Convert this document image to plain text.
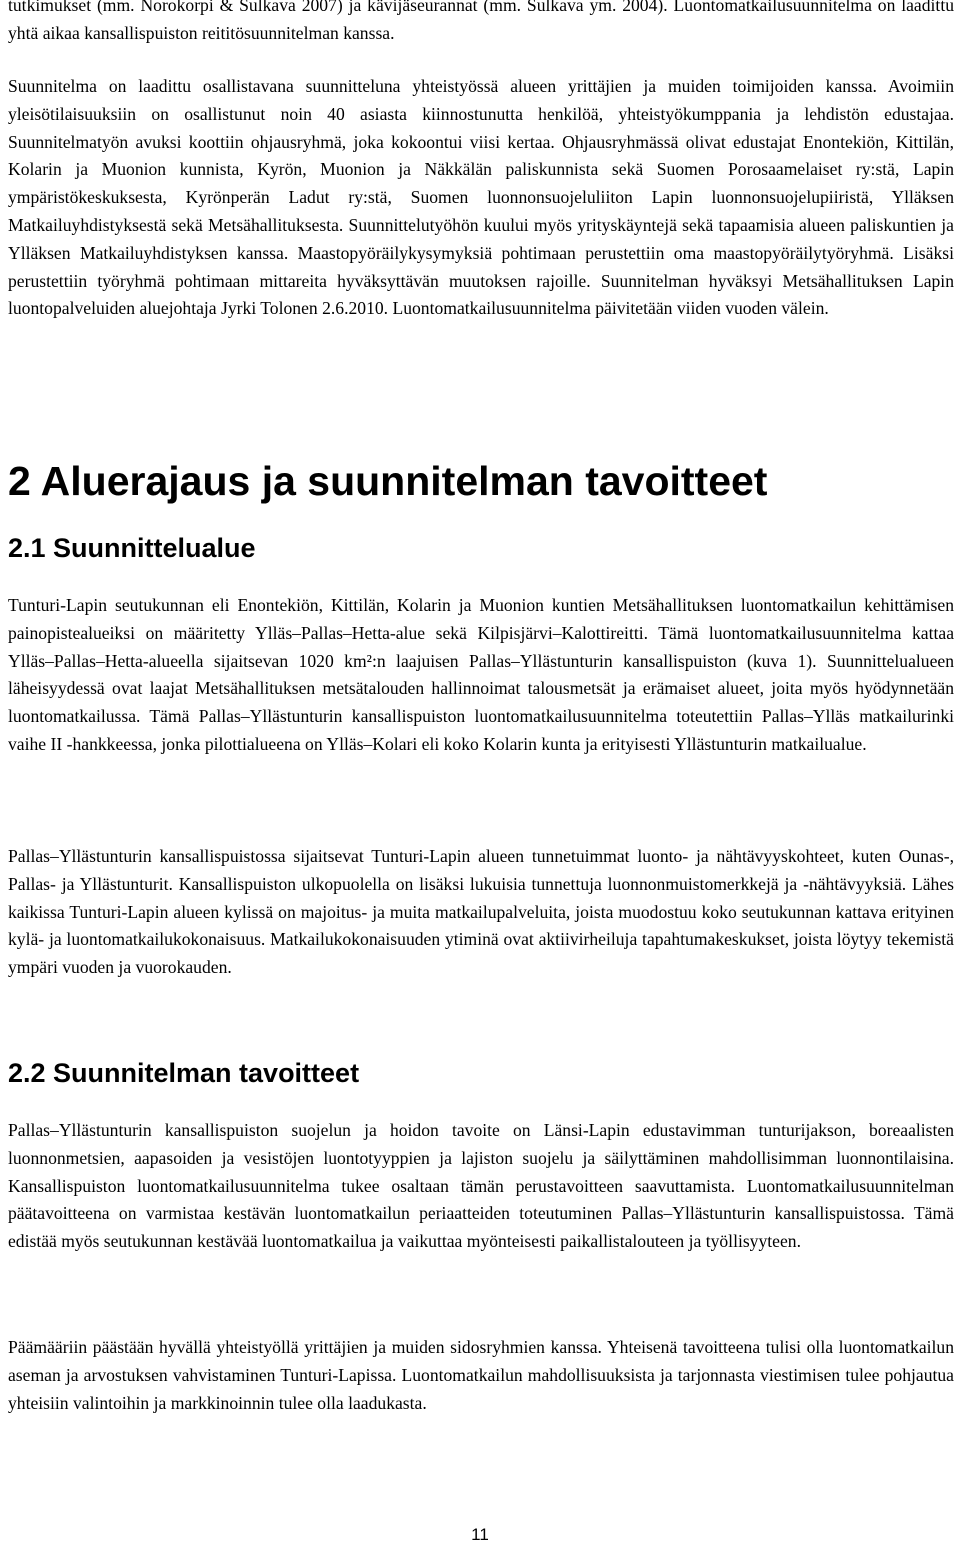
tutkimukset (mm. Norokorpi & Sulkava 2007) ja kävijäseurannat (mm. Sulkava ym. 2004). Luontomatkailusuunnitelma on laadittu yhtä aikaa kansallispuiston reititösuunnitelman kanssa.

Suunnitelma on laadittu osallistavana suunnitteluna yhteistyössä alueen yrittäjien ja muiden toimijoiden kanssa. Avoimiin yleisötilaisuuksiin on osallistunut noin 40 asiasta kiinnostunutta henkilöä, yhteistyökumppania ja lehdistön edustajaa. Suunnitelmatyön avuksi koottiin ohjausryhmä, joka kokoontui viisi kertaa. Ohjausryhmässä olivat edustajat Enontekiön, Kittilän, Kolarin ja Muonion kunnista, Kyrön, Muonion ja Näkkälän paliskunnista sekä Suomen Porosaamelaiset ry:stä, Lapin ympäristökeskuksesta, Kyrönperän Ladut ry:stä, Suomen luonnonsuojeluliiton Lapin luonnonsuojelupiiristä, Ylläksen Matkailuyhdistyksestä sekä Metsähallituksesta. Suunnittelutyöhön kuului myös yrityskäyntejä sekä tapaamisia alueen paliskuntien ja Ylläksen Matkailuyhdistyksen kanssa. Maastopyöräilykysymyksiä pohtimaan perustettiin oma maastopyöräilytyöryhmä. Lisäksi perustettiin työryhmä pohtimaan mittareita hyväksyttävän muutoksen rajoille. Suunnitelman hyväksyi Metsähallituksen Lapin luontopalveluiden aluejohtaja Jyrki Tolonen 2.6.2010. Luontomatkailusuunnitelma päivitetään viiden vuoden välein.

2 Aluerajaus ja suunnitelman tavoitteet
2.1 Suunnittelualue

Tunturi-Lapin seutukunnan eli Enontekiön, Kittilän, Kolarin ja Muonion kuntien Metsähallituksen luontomatkailun kehittämisen painopistealueiksi on määritetty Ylläs–Pallas–Hetta-alue sekä Kilpisjärvi–Kalottireitti. Tämä luontomatkailusuunnitelma kattaa Ylläs–Pallas–Hetta-alueella sijaitsevan 1020 km²:n laajuisen Pallas–Yllästunturin kansallispuiston (kuva 1). Suunnittelualueen läheisyydessä ovat laajat Metsähallituksen metsätalouden hallinnoimat talousmetsät ja erämaiset alueet, joita myös hyödynnetään luontomatkailussa. Tämä Pallas–Yllästunturin kansallispuiston luontomatkailusuunnitelma toteutettiin Pallas–Ylläs matkailurinki vaihe II -hankkeessa, jonka pilottialueena on Ylläs–Kolari eli koko Kolarin kunta ja erityisesti Yllästunturin matkailualue.

Pallas–Yllästunturin kansallispuistossa sijaitsevat Tunturi-Lapin alueen tunnetuimmat luonto- ja nähtävyyskohteet, kuten Ounas-, Pallas- ja Yllästunturit. Kansallispuiston ulkopuolella on lisäksi lukuisia tunnettuja luonnonmuistomerkkejä ja -nähtävyyksiä. Lähes kaikissa Tunturi-Lapin alueen kylissä on majoitus- ja muita matkailupalveluita, joista muodostuu koko seutukunnan kattava erityinen kylä- ja luontomatkailukokonaisuus. Matkailukokonaisuuden ytiminä ovat aktiivirheiluja tapahtumakeskukset, joista löytyy tekemistä ympäri vuoden ja vuorokauden.

2.2 Suunnitelman tavoitteet

Pallas–Yllästunturin kansallispuiston suojelun ja hoidon tavoite on Länsi-Lapin edustavimman tunturijakson, boreaalisten luonnonmetsien, aapasoiden ja vesistöjen luontotyyppien ja lajiston suojelu ja säilyttäminen mahdollisimman luonnontilaisina. Kansallispuiston luontomatkailusuunnitelma tukee osaltaan tämän perustavoitteen saavuttamista. Luontomatkailusuunnitelman päätavoitteena on varmistaa kestävän luontomatkailun periaatteiden toteutuminen Pallas–Yllästunturin kansallispuistossa. Tämä edistää myös seutukunnan kestävää luontomatkailua ja vaikuttaa myönteisesti paikallistalouteen ja työllisyyteen.

Päämääriin päästään hyvällä yhteistyöllä yrittäjien ja muiden sidosryhmien kanssa. Yhteisenä tavoitteena tulisi olla luontomatkailun aseman ja arvostuksen vahvistaminen Tunturi-Lapissa. Luontomatkailun mahdollisuuksista ja tarjonnasta viestimisen tulee pohjautua yhteisiin valintoihin ja markkinoinnin tulee olla laadukasta.

11
